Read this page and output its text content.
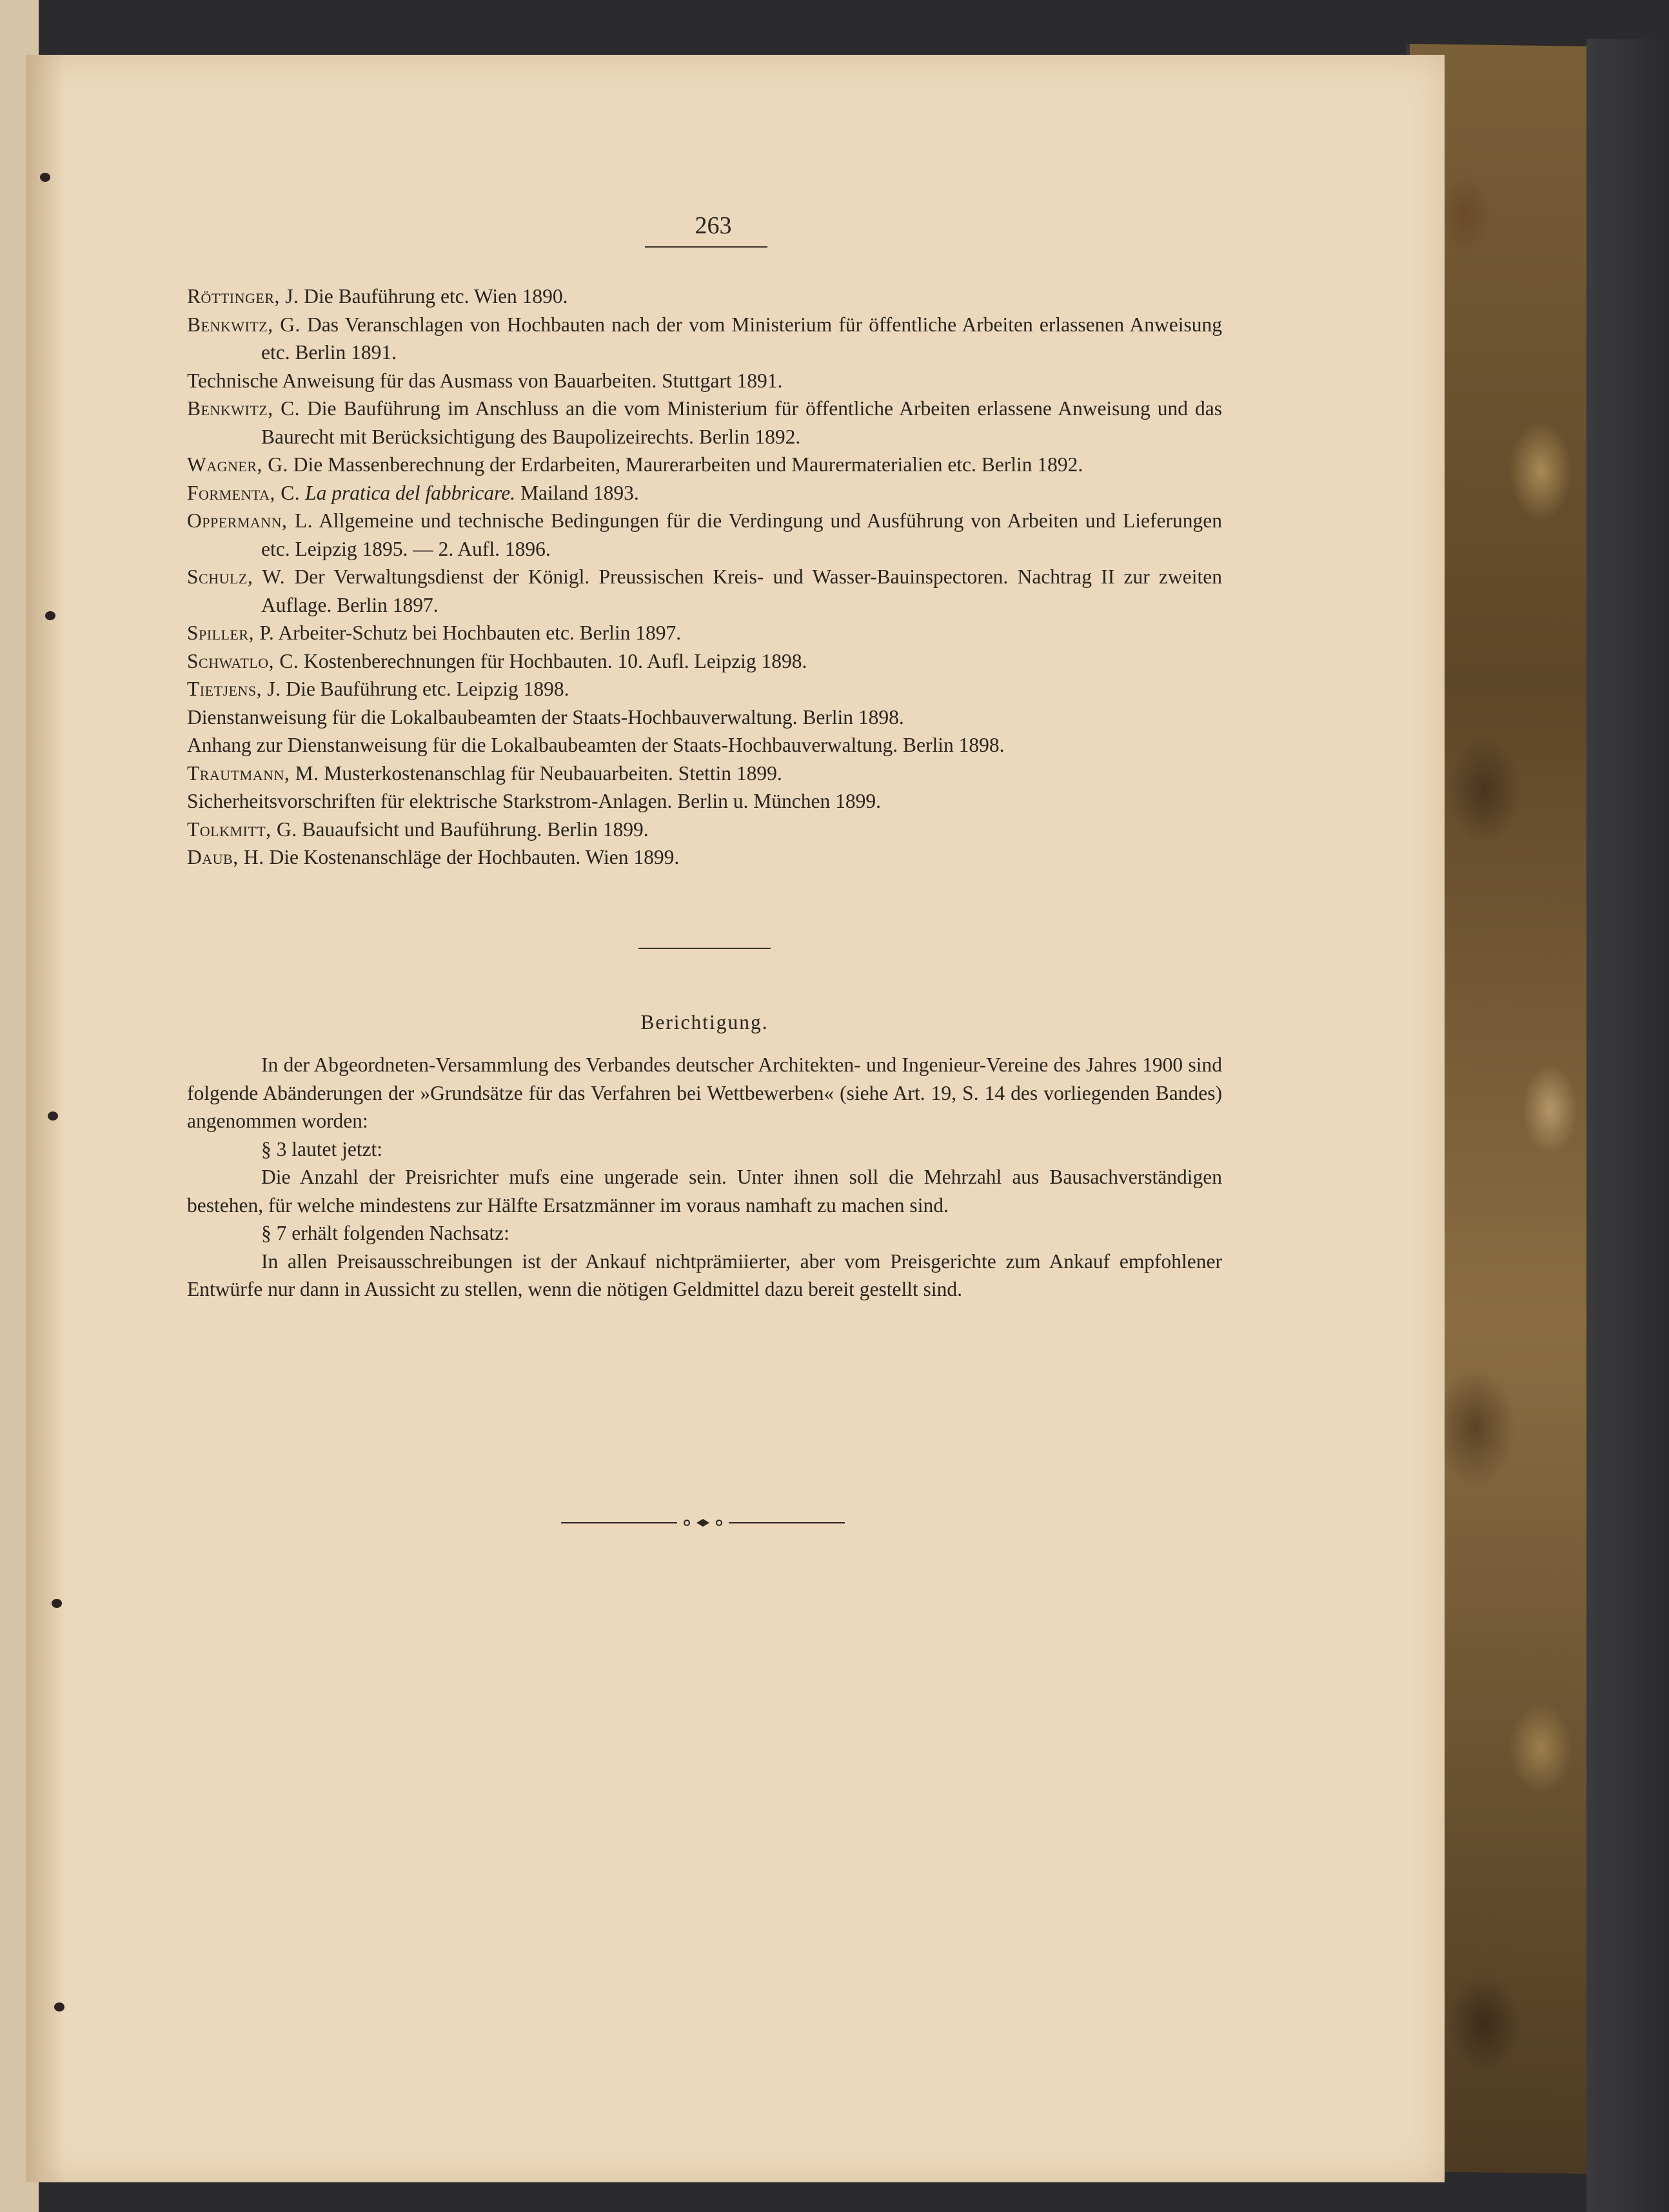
263

Röttinger, J. Die Bauführung etc. Wien 1890.

Benkwitz, G. Das Veranschlagen von Hochbauten nach der vom Ministerium für öffentliche Arbeiten erlassenen Anweisung etc. Berlin 1891.

Technische Anweisung für das Ausmass von Bauarbeiten. Stuttgart 1891.

Benkwitz, C. Die Bauführung im Anschluss an die vom Ministerium für öffentliche Arbeiten erlassene Anweisung und das Baurecht mit Berücksichtigung des Baupolizeirechts. Berlin 1892.

Wagner, G. Die Massenberechnung der Erdarbeiten, Maurerarbeiten und Maurermaterialien etc. Berlin 1892.

Formenta, C. La pratica del fabbricare. Mailand 1893.

Oppermann, L. Allgemeine und technische Bedingungen für die Verdingung und Ausführung von Arbeiten und Lieferungen etc. Leipzig 1895. — 2. Aufl. 1896.

Schulz, W. Der Verwaltungsdienst der Königl. Preussischen Kreis- und Wasser-Bauinspectoren. Nachtrag II zur zweiten Auflage. Berlin 1897.

Spiller, P. Arbeiter-Schutz bei Hochbauten etc. Berlin 1897.

Schwatlo, C. Kostenberechnungen für Hochbauten. 10. Aufl. Leipzig 1898.

Tietjens, J. Die Bauführung etc. Leipzig 1898.

Dienstanweisung für die Lokalbaubeamten der Staats-Hochbauverwaltung. Berlin 1898.

Anhang zur Dienstanweisung für die Lokalbaubeamten der Staats-Hochbauverwaltung. Berlin 1898.

Trautmann, M. Musterkostenanschlag für Neubauarbeiten. Stettin 1899.

Sicherheitsvorschriften für elektrische Starkstrom-Anlagen. Berlin u. München 1899.

Tolkmitt, G. Bauaufsicht und Bauführung. Berlin 1899.

Daub, H. Die Kostenanschläge der Hochbauten. Wien 1899.

Berichtigung.

In der Abgeordneten-Versammlung des Verbandes deutscher Architekten- und Ingenieur-Vereine des Jahres 1900 sind folgende Abänderungen der »Grundsätze für das Verfahren bei Wettbewerben« (siehe Art. 19, S. 14 des vorliegenden Bandes) angenommen worden:

§ 3 lautet jetzt:

Die Anzahl der Preisrichter mufs eine ungerade sein. Unter ihnen soll die Mehrzahl aus Bausachverständigen bestehen, für welche mindestens zur Hälfte Ersatzmänner im voraus namhaft zu machen sind.

§ 7 erhält folgenden Nachsatz:

In allen Preisausschreibungen ist der Ankauf nichtprämiierter, aber vom Preisgerichte zum Ankauf empfohlener Entwürfe nur dann in Aussicht zu stellen, wenn die nötigen Geldmittel dazu bereit gestellt sind.
